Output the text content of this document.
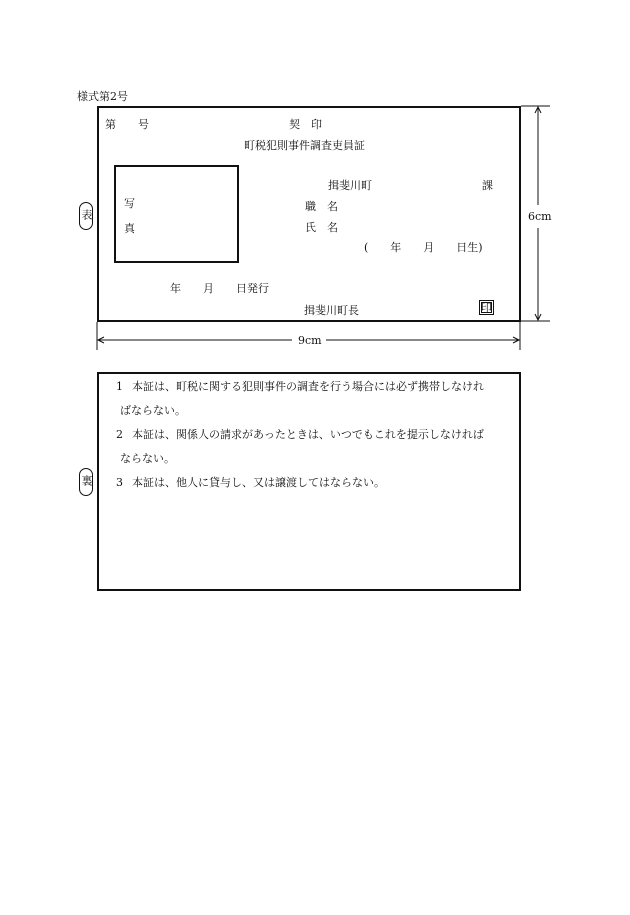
様式第2号
第　　号	契　印
町税犯則事件調査吏員証
写
真
揖斐川町	課
職　名
氏　名
(　　年　　月　　日生)
年　　月　　日発行
揖斐川町長	印
表	6cm
9cm
裏
1 本証は、町税に関する犯則事件の調査を行う場合には必ず携帯しなけれ
ばならない。
2 本証は、関係人の請求があったときは、いつでもこれを提示しなければ
ならない。
3 本証は、他人に貸与し、又は譲渡してはならない。
